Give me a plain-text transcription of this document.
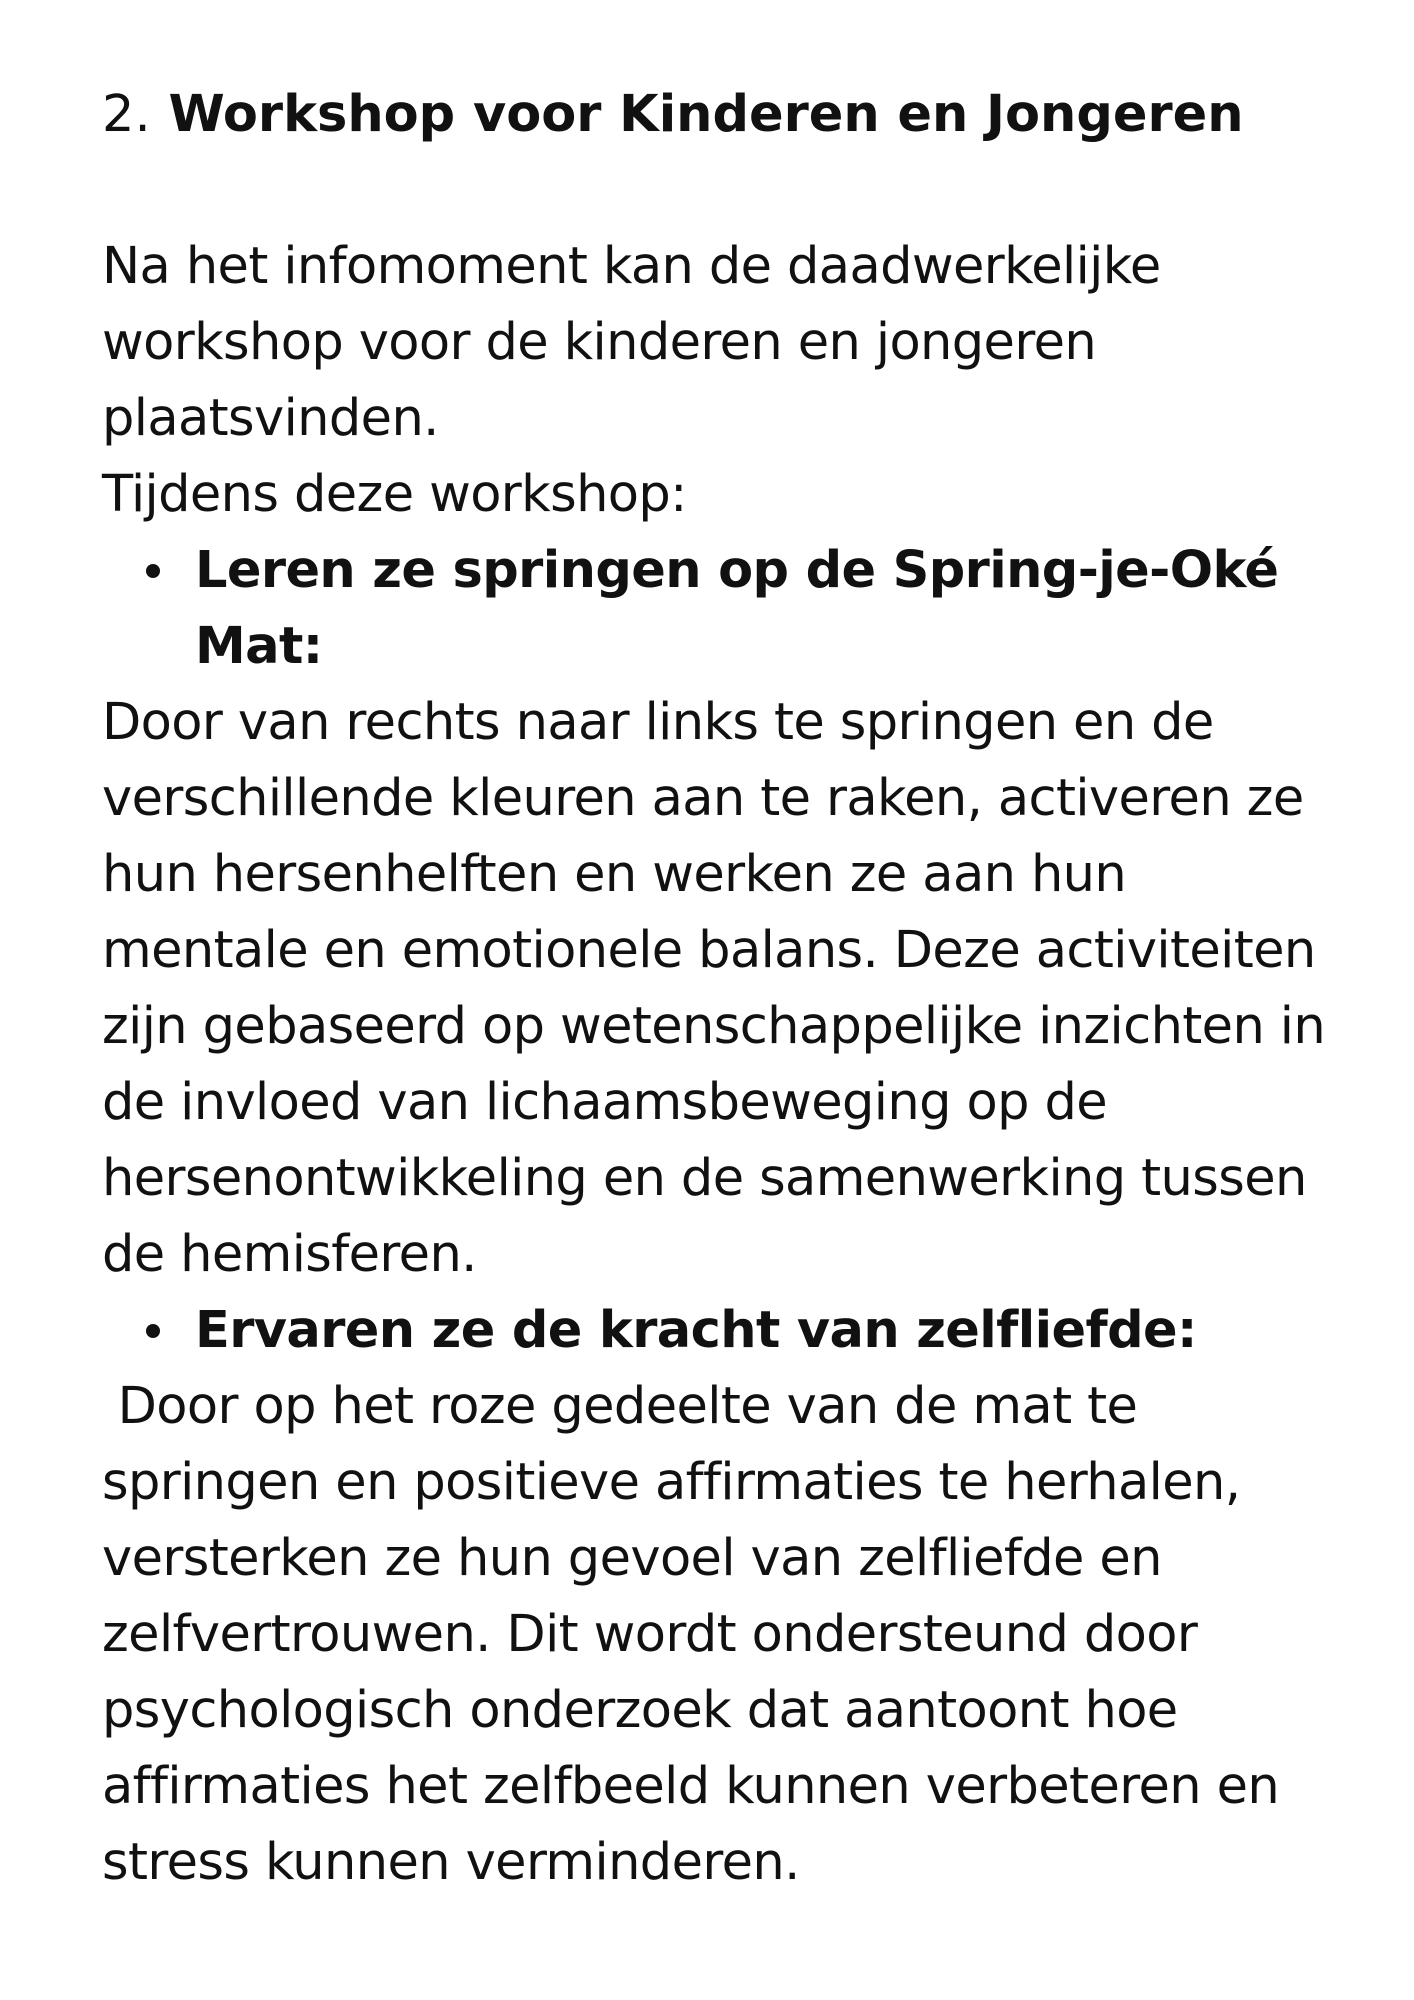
2. Workshop voor Kinderen en Jongeren

Na het infomoment kan de daadwerkelijke workshop voor de kinderen en jongeren plaatsvinden.

Tijdens deze workshop:

Leren ze springen op de Spring-je-Oké Mat:

Door van rechts naar links te springen en de verschillende kleuren aan te raken, activeren ze hun hersenhelften en werken ze aan hun mentale en emotionele balans. Deze activiteiten zijn gebaseerd op wetenschappelijke inzichten in de invloed van lichaamsbeweging op de hersenontwikkeling en de samenwerking tussen de hemisferen.

Ervaren ze de kracht van zelfliefde:

Door op het roze gedeelte van de mat te springen en positieve affirmaties te herhalen, versterken ze hun gevoel van zelfliefde en zelfvertrouwen. Dit wordt ondersteund door psychologisch onderzoek dat aantoont hoe affirmaties het zelfbeeld kunnen verbeteren en stress kunnen verminderen.
